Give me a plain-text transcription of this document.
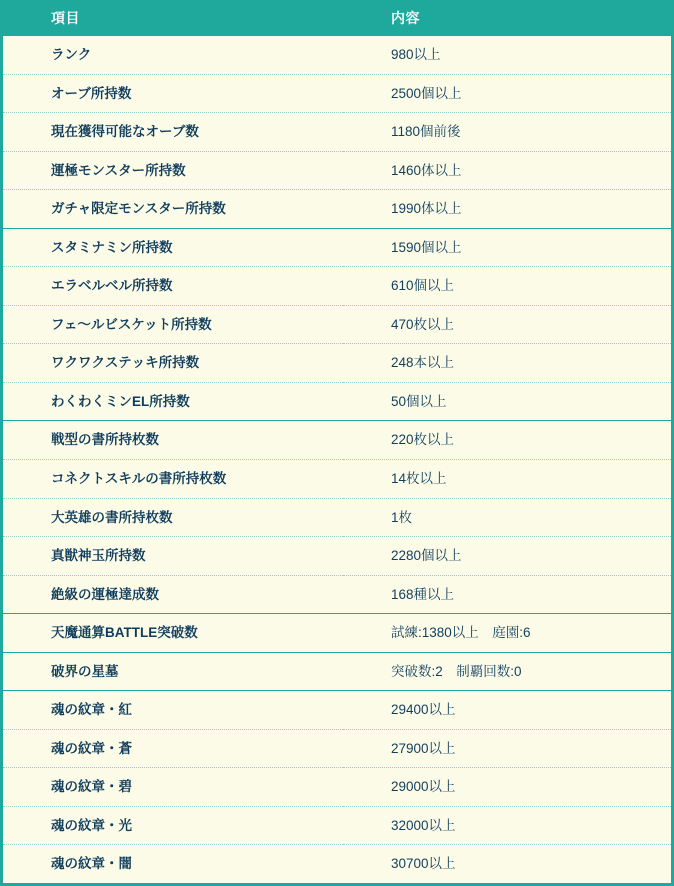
項目	内容
ランク	980以上
オーブ所持数	2500個以上
現在獲得可能なオーブ数	1180個前後
運極モンスター所持数	1460体以上
ガチャ限定モンスター所持数	1990体以上
スタミナミン所持数	1590個以上
エラベルベル所持数	610個以上
フェ～ルビスケット所持数	470枚以上
ワクワクステッキ所持数	248本以上
わくわくミンEL所持数	50個以上
戦型の書所持枚数	220枚以上
コネクトスキルの書所持枚数	14枚以上
大英雄の書所持枚数	1枚
真獣神玉所持数	2280個以上
絶級の運極達成数	168種以上
天魔通算BATTLE突破数	試練:1380以上　庭園:6
破界の星墓	突破数:2　制覇回数:0
魂の紋章・紅	29400以上
魂の紋章・蒼	27900以上
魂の紋章・碧	29000以上
魂の紋章・光	32000以上
魂の紋章・闇	30700以上
